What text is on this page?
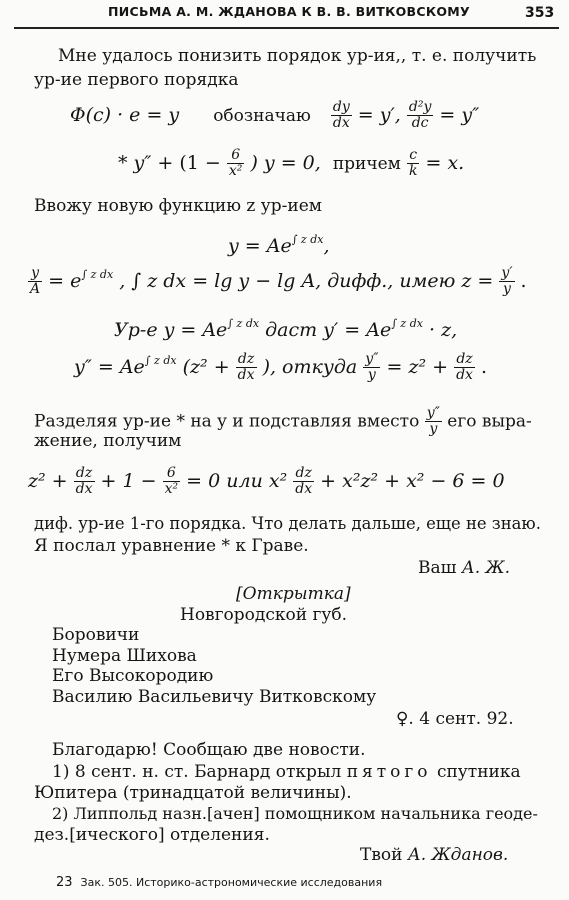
ПИСЬМА А. М. ЖДАНОВА К В. В. ВИТКОВСКОМУ	353
Мне удалось понизить порядок ур-ия,, т. е. получить
ур-ие первого порядка
Φ(c) · e = y обозначаю $\frac{dy}{dx} = y'$, $\frac{\text{d²y}}{dc} = y''$
* $y'' + (1 - \frac{6}{\text{x²}}$ ) y = 0, причем $\frac{c}{k} = x$.
Ввожу новую функцию z ур-ием
$y = Ae^{\int z dx}$,
$\frac{y}{A} = e^{\int z dx}$ , ∫ z dx = lg y − lg A, дифф., имею $z = \frac{y'}{y}$ .
Ур-е $y = Ae^{\int z dx}$ даст $y' = Ae^{\int z dx} \cdot z$,
$y'' = Ae^{\int z dx}$ ($z^2 + \frac{dz}{dx}$ ), откуда $\frac{y''}{y} = z^2 + \frac{dz}{dx}$ .
Разделяя ур-ие * на y и подставляя вместо $\frac{y''}{y}$ его выра-
жение, получим
$z^2 + \frac{dz}{dx} + 1 - \frac{6}{\text{x²}} = 0$ или $x^2 \frac{dz}{dx} + x^2z^2 + x^2 - 6 = 0$
диф. ур-ие 1-го порядка. Что делать дальше, еще не знаю.
Я послал уравнение * к Граве.
Ваш А. Ж.
[Открытка]
Новгородской губ.
Боровичи
Нумера Шихова
Его Высокородию
Василию Васильевичу Витковскому
♀. 4 сент. 92.
Благодарю! Сообщаю две новости.
1) 8 сент. н. ст. Барнард открыл пятого спутника
Юпитера (тринадцатой величины).
2) Липпольд назн.[ачен] помощником начальника геоде-
дез.[ического] отделения.
Твой А. Жданов.
23 Зак. 505. Историко-астрономические исследования
